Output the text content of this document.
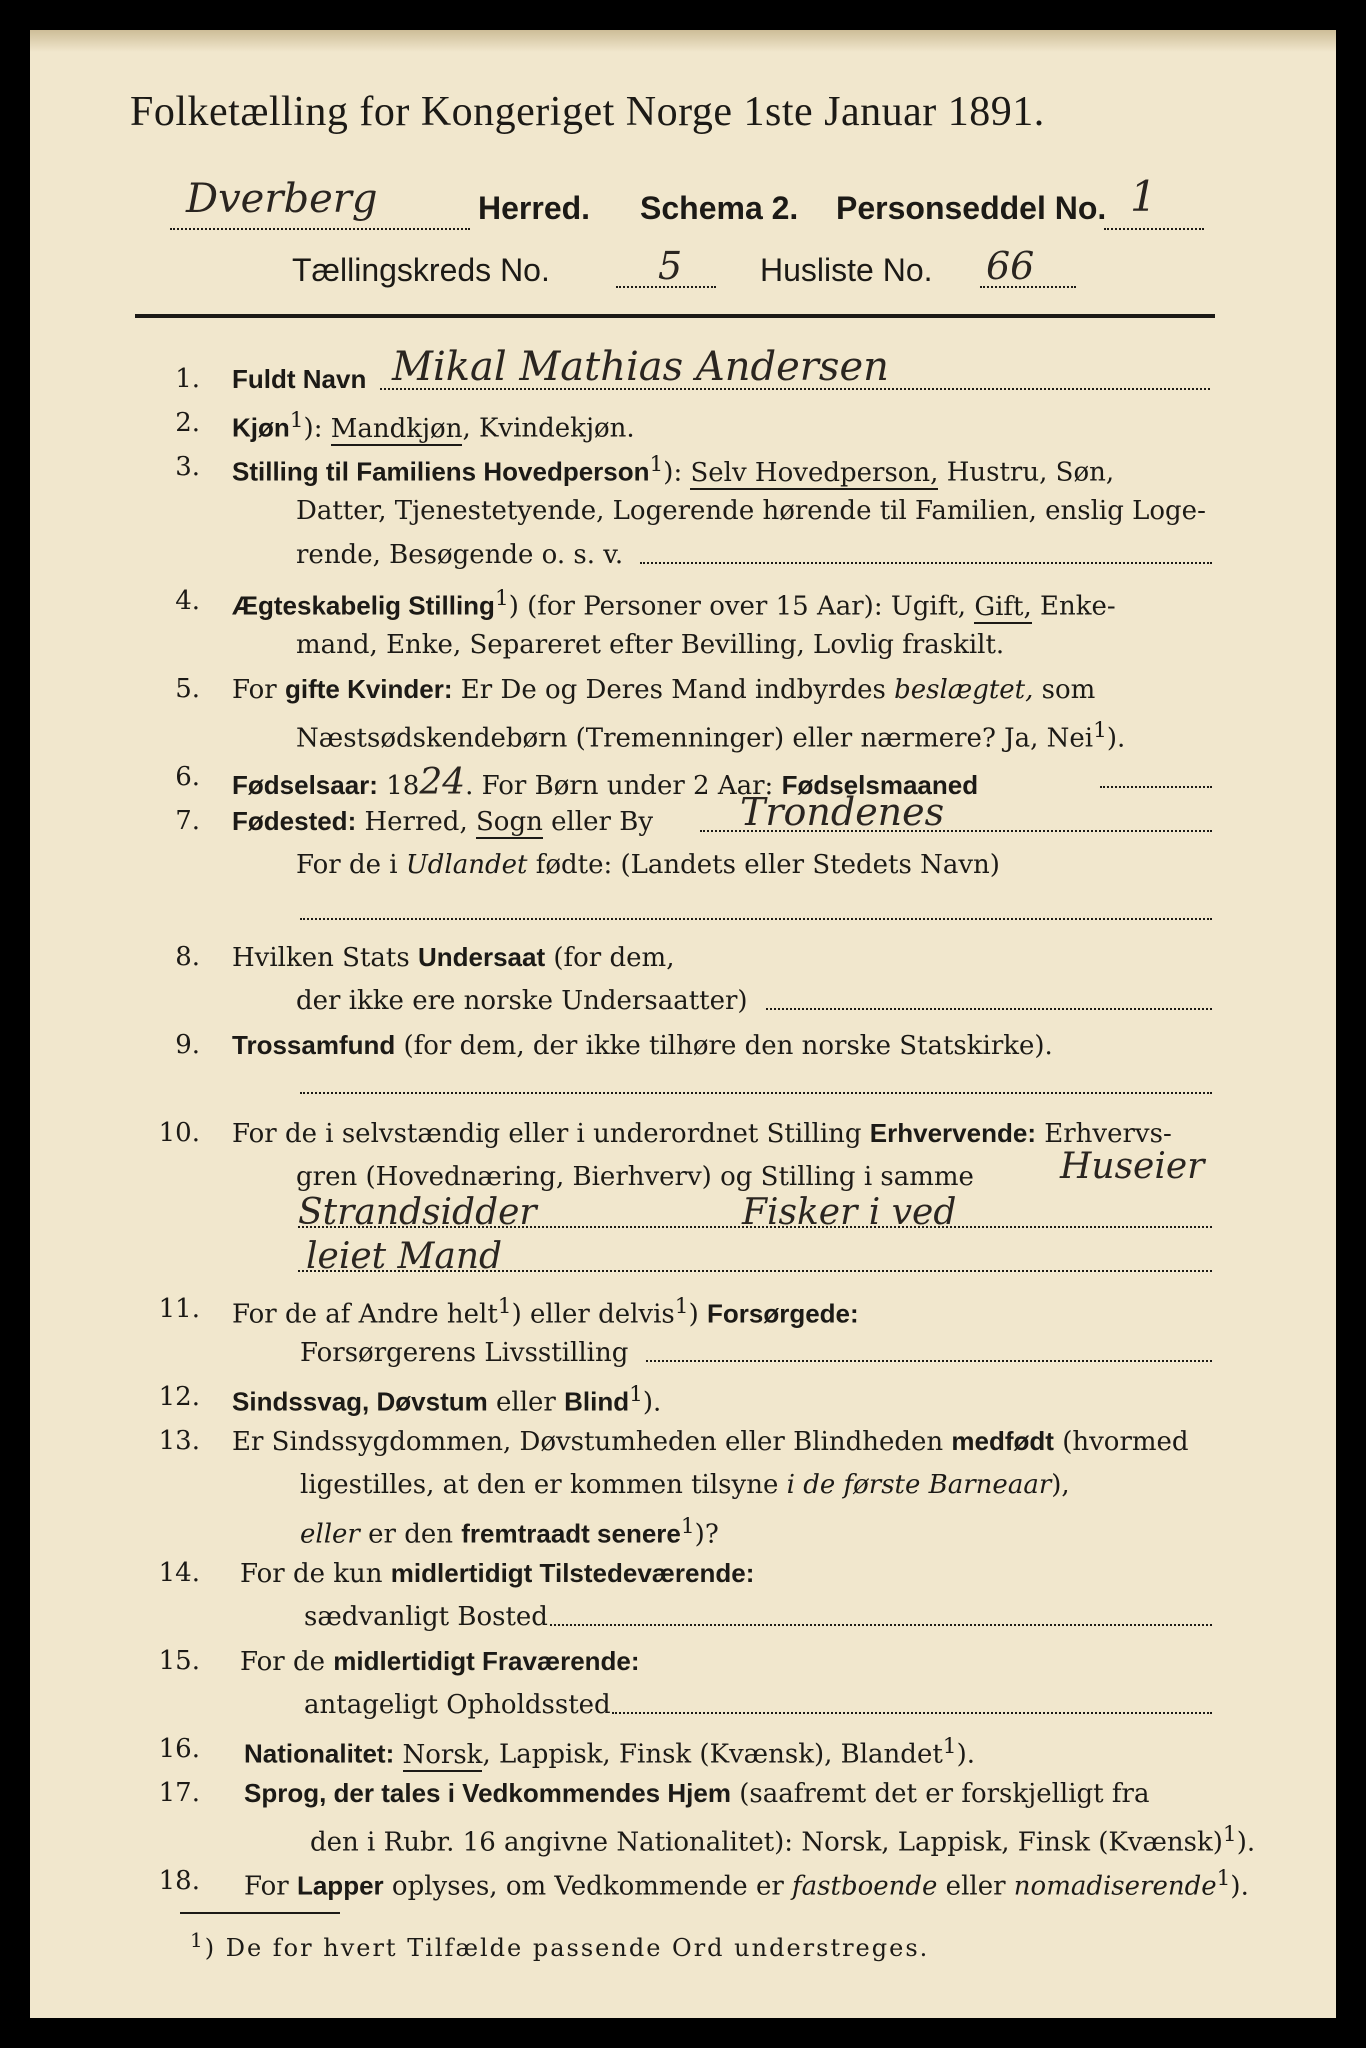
Folketælling for Kongeriget Norge 1ste Januar 1891.
Dverberg	Herred. Schema 2. Personseddel No. 1
Tællingskreds No.	5 Husliste No. 66
1. Fuldt Navn Mikal Mathias Andersen
2. Kjøn$^1$): Mandkjøn, Kvindekjøn.
3. Stilling til Familiens Hovedperson$^1$): Selv Hovedperson, Hustru, Søn,
Datter, Tjenestetyende, Logerende hørende til Familien, enslig Loge-
rende, Besøgende o. s. v.
4. Ægteskabelig Stilling$^1$) (for Personer over 15 Aar): Ugift, Gift, Enke-
mand, Enke, Separeret efter Bevilling, Lovlig fraskilt.
5. For gifte Kvinder: Er De og Deres Mand indbyrdes beslægtet, som
Næstsødskendebørn (Tremenninger) eller nærmere? Ja, Nei$^1$).
6. Fødselsaar: 1824. For Børn under 2 Aar: Fødselsmaaned
7. Fødested: Herred, Sogn eller By Trondenes
For de i Udlandet fødte: (Landets eller Stedets Navn)
8. Hvilken Stats Undersaat (for dem,
der ikke ere norske Undersaatter)
9. Trossamfund (for dem, der ikke tilhøre den norske Statskirke).
10. For de i selvstændig eller i underordnet Stilling Erhvervende: Erhvervs-
gren (Hovednæring, Bierhverv) og Stilling i samme Huseier
Strandsidder	Fisker i ved
leiet Mand
11. For de af Andre helt$^1$) eller delvis$^1$) Forsørgede:
Forsørgerens Livsstilling
12. Sindssvag, Døvstum eller Blind$^1$).
13. Er Sindssygdommen, Døvstumheden eller Blindheden medfødt (hvormed
ligestilles, at den er kommen tilsyne i de første Barneaar),
eller er den fremtraadt senere$^1$)?
14. For de kun midlertidigt Tilstedeværende:
sædvanligt Bosted
15. For de midlertidigt Fraværende:
antageligt Opholdssted
16. Nationalitet: Norsk, Lappisk, Finsk (Kvænsk), Blandet$^1$).
17. Sprog, der tales i Vedkommendes Hjem (saafremt det er forskjelligt fra
den i Rubr. 16 angivne Nationalitet): Norsk, Lappisk, Finsk (Kvænsk)$^1$).
18. For Lapper oplyses, om Vedkommende er fastboende eller nomadiserende$^1$).
$^1$) De for hvert Tilfælde passende Ord understreges.
